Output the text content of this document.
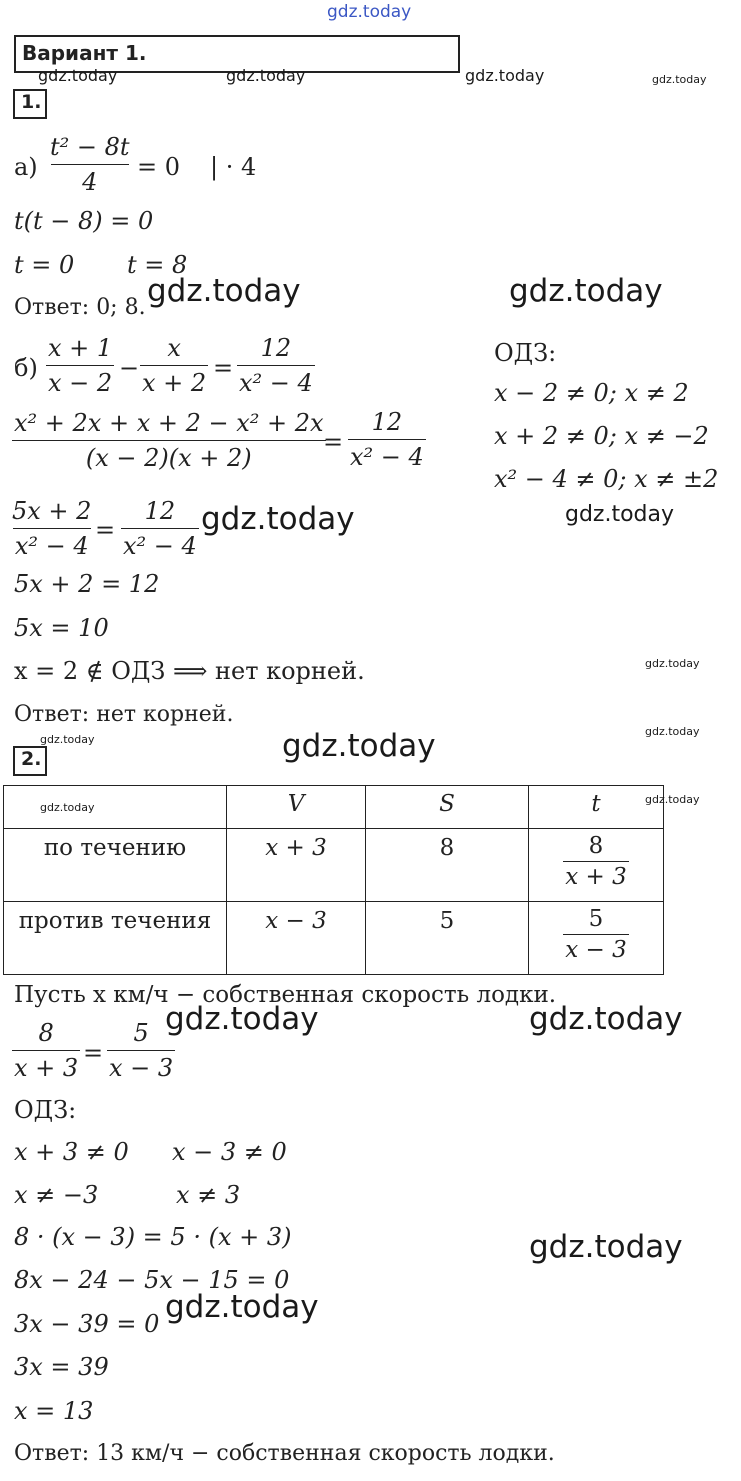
gdz.today
Вариант 1.
gdz.today	gdz.today	gdz.today	gdz.today
1.
$а) \frac{\text{t² − 8t}}{4} = 0$ | · 4
t(t − 8) = 0
t = 0 t = 8
Ответ: 0; 8. gdz.today	gdz.today
$б) \frac{x + 1}{x - 2} - \frac{x}{x + 2} = \frac{12}{\text{x² − 4}}$	ОДЗ:
x − 2 ≠ 0; x ≠ 2
x + 2 ≠ 0; x ≠ −2
x² − 4 ≠ 0; x ≠ ±2
gdz.today
$\frac{\text{x² + 2x + x + 2 − x² + 2x}}{(x - 2)(x + 2)}$
= $\frac{12}{\text{x² − 4}}$
$\frac{5x + 2}{\text{x² − 4}} = \frac{12}{\text{x² − 4}}$ gdz.today
5x + 2 = 12
5x = 10
x = 2 ∉ ОДЗ ⟹ нет корней.	gdz.today
Ответ: нет корней.
gdz.today
gdz.today
2.	gdz.today
	V	S	t
по течению	x + 3	8	$\frac{8}{x + 3}$

против течения	x − 3	5	$\frac{5}{x - 3}$
gdz.today
gdz.today
Пусть x км/ч − собственная скорость лодки.
gdz.today	gdz.today
$\frac{8}{x + 3} = \frac{5}{x - 3}$
ОДЗ:
x + 3 ≠ 0 x − 3 ≠ 0
x ≠ −3	x ≠ 3
8 · (x − 3) = 5 · (x + 3)	gdz.today
8x − 24 − 5x − 15 = 0
3x − 39 = 0 gdz.today
3x = 39
x = 13
Ответ: 13 км/ч − собственная скорость лодки.
